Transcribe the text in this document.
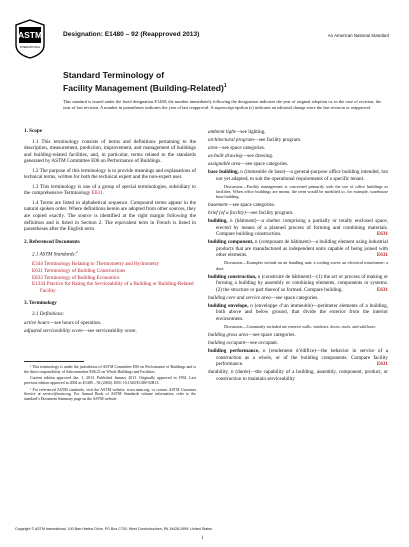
ASTM
INTERNATIONAL
Designation: E1480 – 92 (Reapproved 2013)	An American National Standard
Standard Terminology of
Facility Management (Building-Related)$^1$
This standard is issued under the fixed designation E1480; the number immediately following the designation indicates the year of original adoption or, in the case of revision, the year of last revision. A number in parentheses indicates the year of last reapproval. A superscript epsilon (ε) indicates an editorial change since the last revision or reapproval.
1. Scope

1.1 This terminology consists of terms and definitions pertaining to the description, measurement, prediction, improvement, and management of buildings and building-related facilities, and, in particular, terms related to the standards generated by ASTM Committee E06 on Performance of Buildings.

1.2 The purpose of this terminology is to provide meanings and explanations of technical terms, written for both the technical expert and the non-expert user.

1.3 This terminology is one of a group of special terminologies, subsidiary to the comprehensive Terminology E631.

1.4 Terms are listed in alphabetical sequence. Compound terms appear in the natural spoken order. Where definitions herein are adopted from other sources, they are copied exactly. The source is identified at the right margin following the definition and is listed in Section 2. The equivalent term in French is listed in parentheses after the English term.

2. Referenced Documents

2.1 ASTM Standards:$^2$

E344 Terminology Relating to Thermometry and Hydrometry
E631 Terminology of Building Constructions
E833 Terminology of Building Economics
E1334 Practice for Rating the Serviceability of a Building or Building-Related Facility
3. Terminology

3.1 Definitions:

active hours—see hours of operation.
adjusted serviceability score—see serviceability score.

¹ This terminology is under the jurisdiction of ASTM Committee E06 on Performance of Buildings and is the direct responsibility of Subcommittee E06.25 on Whole Buildings and Facilities.

Current edition approved Jan. 1, 2013. Published January 2013. Originally approved in 1992. Last previous edition approved in 2004 as E1480 – 92 (2004). DOI: 10.1520/E1480-92R13.

² For referenced ASTM standards, visit the ASTM website, www.astm.org, or contact ASTM Customer Service at service@astm.org. For Annual Book of ASTM Standards volume information, refer to the standard’s Document Summary page on the ASTM website.

ambient light—see lighting.
architectural program—see facility program.
area—see space categories.
as-built drawing—see drawing.
assignable area—see space categories.
base building, n (immeuble de base)—a general-purpose office building intended, but not yet adapted, to suit the operational requirements of a specific tenant.
Discussion—Facility management is concerned primarily with the use of office buildings as facilities. When office buildings are meant, the term would be modified to, for example, warehouse base building.
basement—see space categories.
brief (of a facility)—see facility program.
building, n (bâtiment)—a shelter comprising a partially or totally enclosed space, erected by means of a planned process of forming and combining materials. Compare building construction.	E631
building component, n (composant de bâtiment)—a building element using industrial products that are manufactured as independent units capable of being joined with other elements.	E631
Discussion—Examples include an air handling unit; a cooling tower; an electrical transformer; a door.
building construction, n (construire de bâtiment)—(1) the act or process of making or forming a building by assembly or combining elements, components or systems. (2) the structure or part thereof so formed. Compare building.	E631
building core and service area—see space categories.
building envelope, n (enveloppe d’un immeuble)—perimeter elements of a building, both above and below ground, that divide the exterior from the interior environment.
Discussion—Commonly included are exterior walls, windows, doors, roofs, and subfloors.
building gross area—see space categories.
building occupant—see occupant.
building performance, n (rendement d’édifice)—the behavior in service of a construction as a whole, or of the building components. Compare facility performance.	E631
durability, n (durée)—the capability of a building, assembly, component, product, or construction to maintain serviceability
Copyright © ASTM International, 100 Barr Harbor Drive, PO Box C700, West Conshohocken, PA 19428-2959. United States
1
